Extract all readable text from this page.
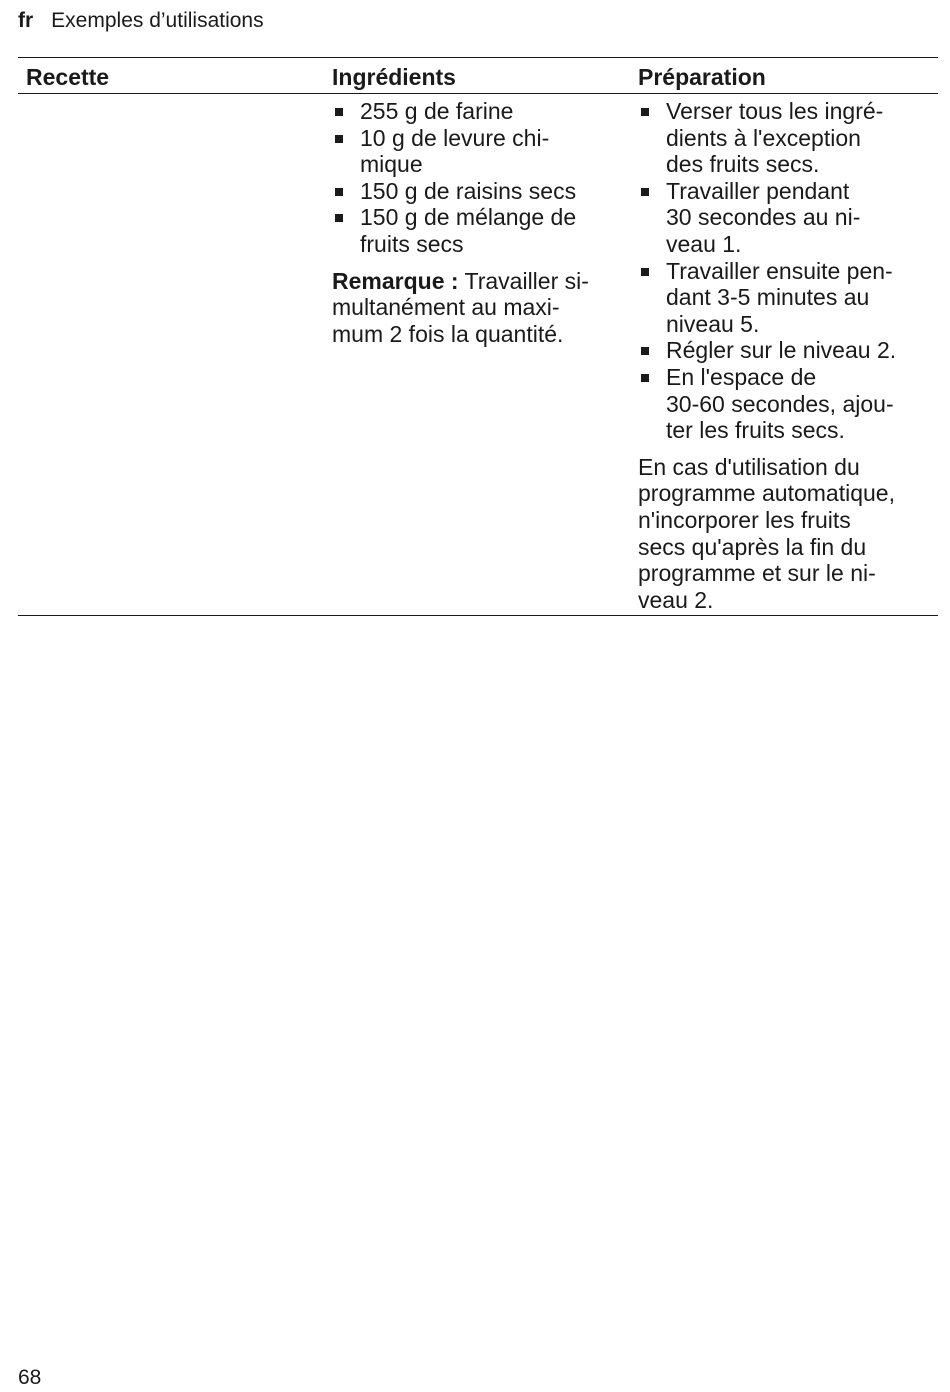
fr Exemples d’utilisations
Recette	Ingrédients	Préparation
255 g de farine
10 g de levure chi-
mique
150 g de raisins secs
150 g de mélange de
fruits secs
Remarque : Travailler si-
multanément au maxi-
mum 2 fois la quantité.
Verser tous les ingré-
dients à l'exception
des fruits secs.
Travailler pendant
30 secondes au ni-
veau 1.
Travailler ensuite pen-
dant 3-5 minutes au
niveau 5.
Régler sur le niveau 2.
En l'espace de
30-60 secondes, ajou-
ter les fruits secs.
En cas d'utilisation du
programme automatique,
n'incorporer les fruits
secs qu'après la fin du
programme et sur le ni-
veau 2.
68
